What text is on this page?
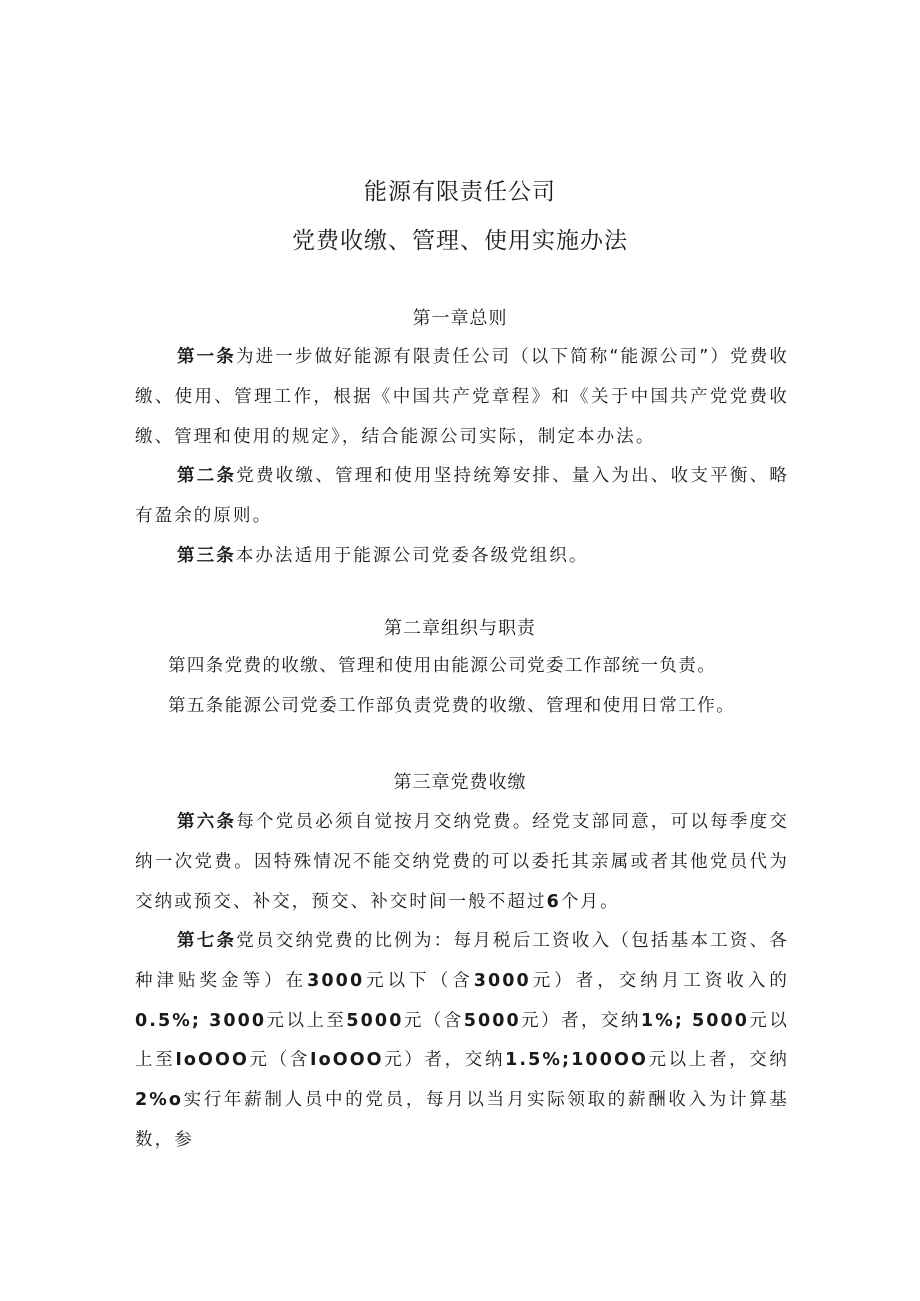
能源有限责任公司
党费收缴、管理、使用实施办法
第一章总则

第一条为进一步做好能源有限责任公司（以下简称“能源公司”）党费收缴、使用、管理工作，根据《中国共产党章程》和《关于中国共产党党费收缴、管理和使用的规定》，结合能源公司实际，制定本办法。

第二条党费收缴、管理和使用坚持统筹安排、量入为出、收支平衡、略有盈余的原则。

第三条本办法适用于能源公司党委各级党组织。

第二章组织与职责

第四条党费的收缴、管理和使用由能源公司党委工作部统一负责。

第五条能源公司党委工作部负责党费的收缴、管理和使用日常工作。

第三章党费收缴

第六条每个党员必须自觉按月交纳党费。经党支部同意，可以每季度交纳一次党费。因特殊情况不能交纳党费的可以委托其亲属或者其他党员代为交纳或预交、补交，预交、补交时间一般不超过6个月。

第七条党员交纳党费的比例为：每月税后工资收入（包括基本工资、各种津贴奖金等）在3000元以下（含3000元）者，交纳月工资收入的0.5%; 3000元以上至5000元（含5000元）者，交纳1%; 5000元以上至IoOOO元（含IoOOO元）者，交纳1.5%;100OO元以上者，交纳2%o实行年薪制人员中的党员，每月以当月实际领取的薪酬收入为计算基数，参
